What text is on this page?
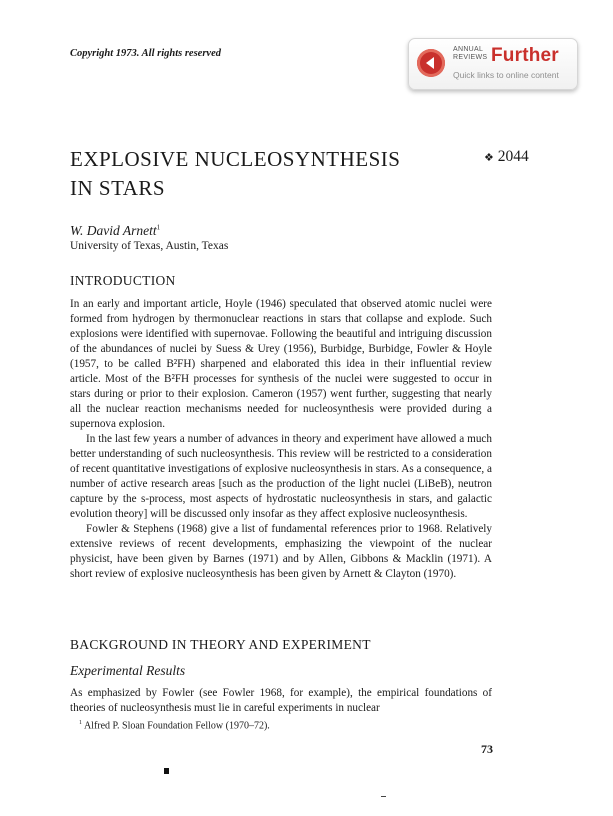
Copyright 1973. All rights reserved	ANNUAL
REVIEWS Further
Quick links to online content
EXPLOSIVE NUCLEOSYNTHESIS
IN STARS
❖ 2044
W. David Arnett$^1$
University of Texas, Austin, Texas
INTRODUCTION

In an early and important article, Hoyle (1946) speculated that observed atomic nuclei were formed from hydrogen by thermonuclear reactions in stars that collapse and explode. Such explosions were identified with supernovae. Following the beautiful and intriguing discussion of the abundances of nuclei by Suess & Urey (1956), Burbidge, Burbidge, Fowler & Hoyle (1957, to be called B²FH) sharpened and elaborated this idea in their influential review article. Most of the B²FH processes for synthesis of the nuclei were suggested to occur in stars during or prior to their explosion. Cameron (1957) went further, suggesting that nearly all the nuclear reaction mechanisms needed for nucleosynthesis were provided during a supernova explosion.

In the last few years a number of advances in theory and experiment have allowed a much better understanding of such nucleosynthesis. This review will be restricted to a consideration of recent quantitative investigations of explosive nucleosynthesis in stars. As a consequence, a number of active research areas [such as the production of the light nuclei (LiBeB), neutron capture by the s-process, most aspects of hydrostatic nucleosynthesis in stars, and galactic evolution theory] will be discussed only insofar as they affect explosive nucleosynthesis.

Fowler & Stephens (1968) give a list of fundamental references prior to 1968. Relatively extensive reviews of recent developments, emphasizing the viewpoint of the nuclear physicist, have been given by Barnes (1971) and by Allen, Gibbons & Macklin (1971). A short review of explosive nucleosynthesis has been given by Arnett & Clayton (1970).

BACKGROUND IN THEORY AND EXPERIMENT
Experimental Results

As emphasized by Fowler (see Fowler 1968, for example), the empirical foundations of theories of nucleosynthesis must lie in careful experiments in nuclear

$^1$ Alfred P. Sloan Foundation Fellow (1970–72).
73
